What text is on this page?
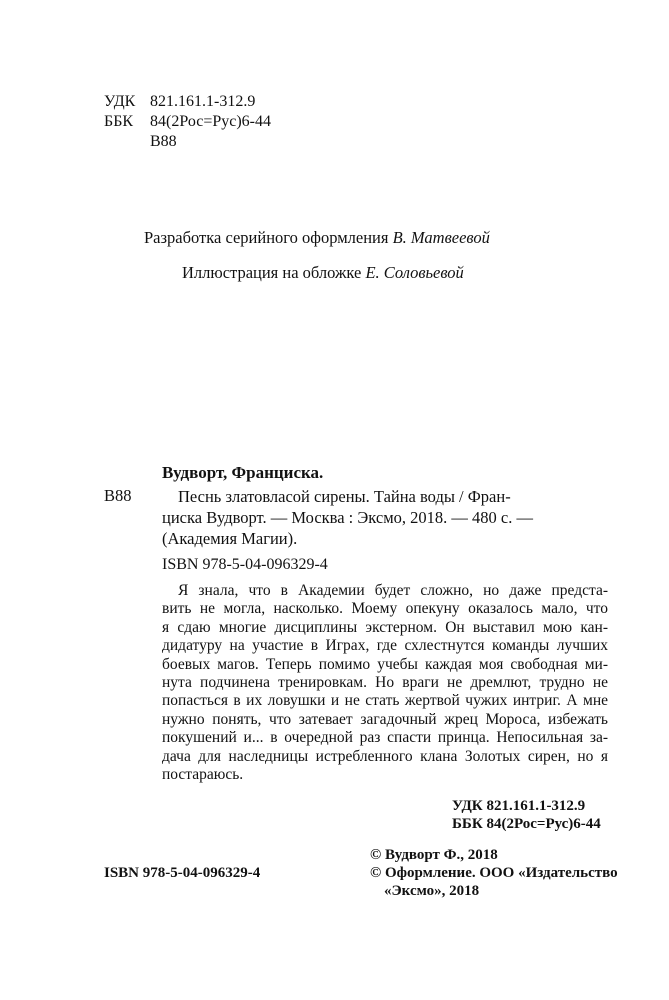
УДК 821.161.1-312.9
ББК 84(2Рос=Рус)6-44
В88
Разработка серийного оформления В. Матвеевой
Иллюстрация на обложке Е. Соловьевой
Вудворт, Франциска.
В88	Песнь златовласой сирены. Тайна воды / Фран-
циска Вудворт. — Москва : Эксмо, 2018. — 480 с. —
(Академия Магии).
ISBN 978-5-04-096329-4
Я знала, что в Академии будет сложно, но даже предста-
вить не могла, насколько. Моему опекуну оказалось мало, что
я сдаю многие дисциплины экстерном. Он выставил мою кан-
дидатуру на участие в Играх, где схлестнутся команды лучших
боевых магов. Теперь помимо учебы каждая моя свободная ми-
нута подчинена тренировкам. Но враги не дремлют, трудно не
попасться в их ловушки и не стать жертвой чужих интриг. А мне
нужно понять, что затевает загадочный жрец Мороса, избежать
покушений и... в очередной раз спасти принца. Непосильная за-
дача для наследницы истребленного клана Золотых сирен, но я
постараюсь.
УДК 821.161.1-312.9
ББК 84(2Рос=Рус)6-44
© Вудворт Ф., 2018
© Оформление. ООО «Издательство
«Эксмо», 2018
ISBN 978-5-04-096329-4
